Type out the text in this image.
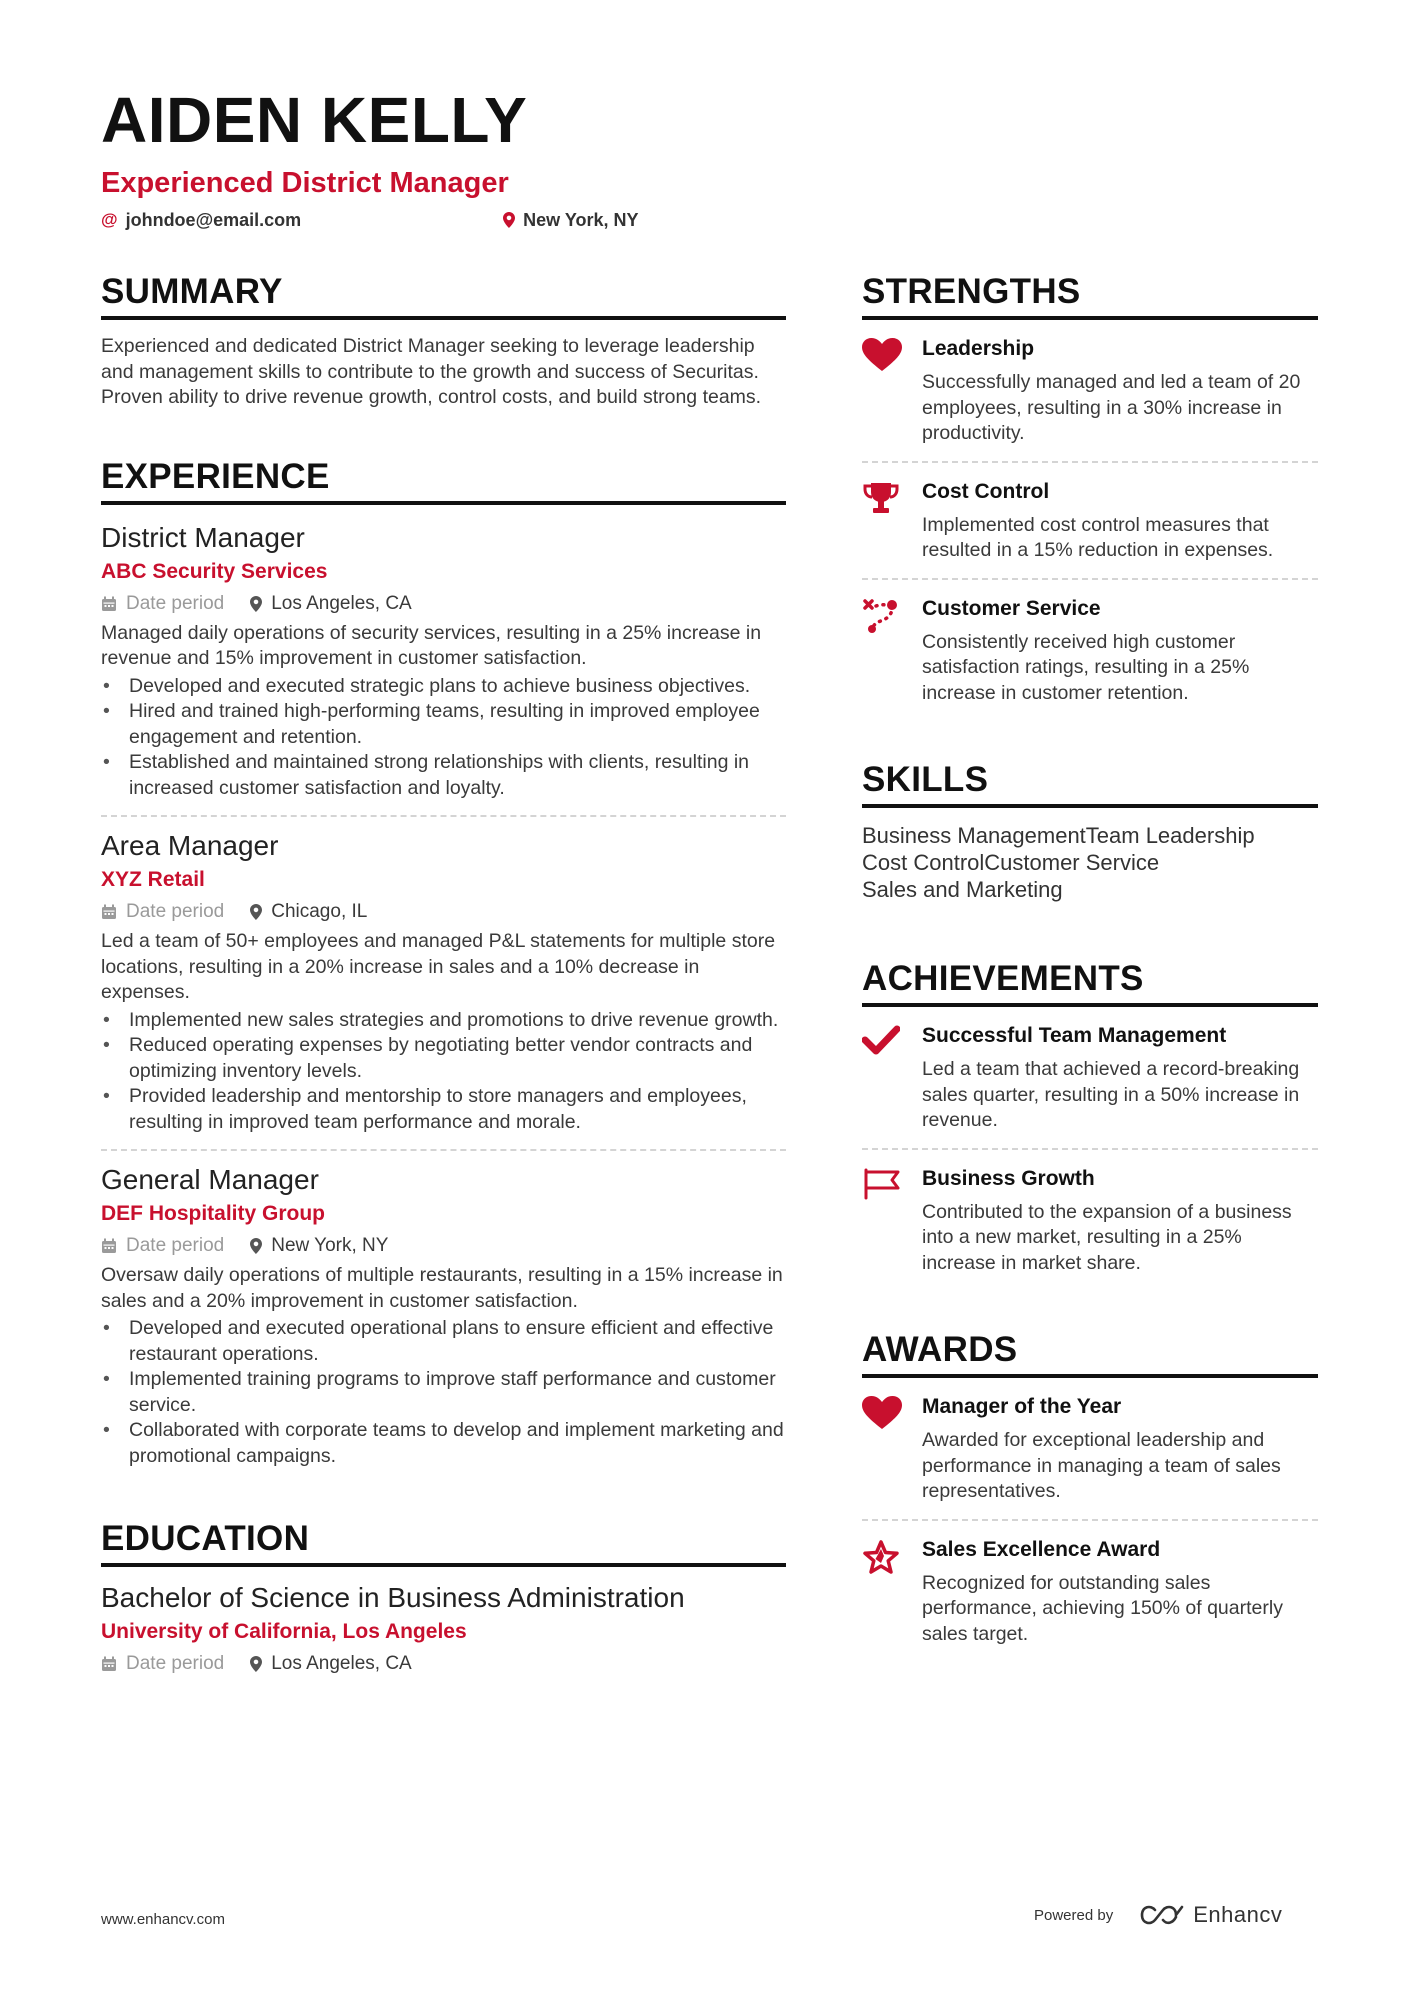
AIDEN KELLY
Experienced District Manager
@ johndoe@email.com	New York, NY
SUMMARY

Experienced and dedicated District Manager seeking to leverage leadership and management skills to contribute to the growth and success of Securitas. Proven ability to drive revenue growth, control costs, and build strong teams.

EXPERIENCE
District Manager
ABC Security Services
Date period Los Angeles, CA

Managed daily operations of security services, resulting in a 25% increase in revenue and 15% improvement in customer satisfaction.

• Developed and executed strategic plans to achieve business objectives.
• Hired and trained high-performing teams, resulting in improved employee engagement and retention.
• Established and maintained strong relationships with clients, resulting in increased customer satisfaction and loyalty.
Area Manager
XYZ Retail
Date period Chicago, IL

Led a team of 50+ employees and managed P&L statements for multiple store locations, resulting in a 20% increase in sales and a 10% decrease in expenses.

• Implemented new sales strategies and promotions to drive revenue growth.
• Reduced operating expenses by negotiating better vendor contracts and optimizing inventory levels.
• Provided leadership and mentorship to store managers and employees, resulting in improved team performance and morale.
General Manager
DEF Hospitality Group
Date period New York, NY

Oversaw daily operations of multiple restaurants, resulting in a 15% increase in sales and a 20% improvement in customer satisfaction.

• Developed and executed operational plans to ensure efficient and effective restaurant operations.
• Implemented training programs to improve staff performance and customer service.
• Collaborated with corporate teams to develop and implement marketing and promotional campaigns.
EDUCATION
Bachelor of Science in Business Administration
University of California, Los Angeles
Date period Los Angeles, CA
STRENGTHS
Leadership
Successfully managed and led a team of 20 employees, resulting in a 30% increase in productivity.
Cost Control
Implemented cost control measures that resulted in a 15% reduction in expenses.
Customer Service
Consistently received high customer satisfaction ratings, resulting in a 25% increase in customer retention.
SKILLS
Business ManagementTeam Leadership
Cost ControlCustomer Service
Sales and Marketing
ACHIEVEMENTS
Successful Team Management
Led a team that achieved a record-breaking sales quarter, resulting in a 50% increase in revenue.
Business Growth
Contributed to the expansion of a business into a new market, resulting in a 25% increase in market share.
AWARDS
Manager of the Year
Awarded for exceptional leadership and performance in managing a team of sales representatives.
Sales Excellence Award
Recognized for outstanding sales performance, achieving 150% of quarterly sales target.
www.enhancv.com	Powered by	Enhancv
